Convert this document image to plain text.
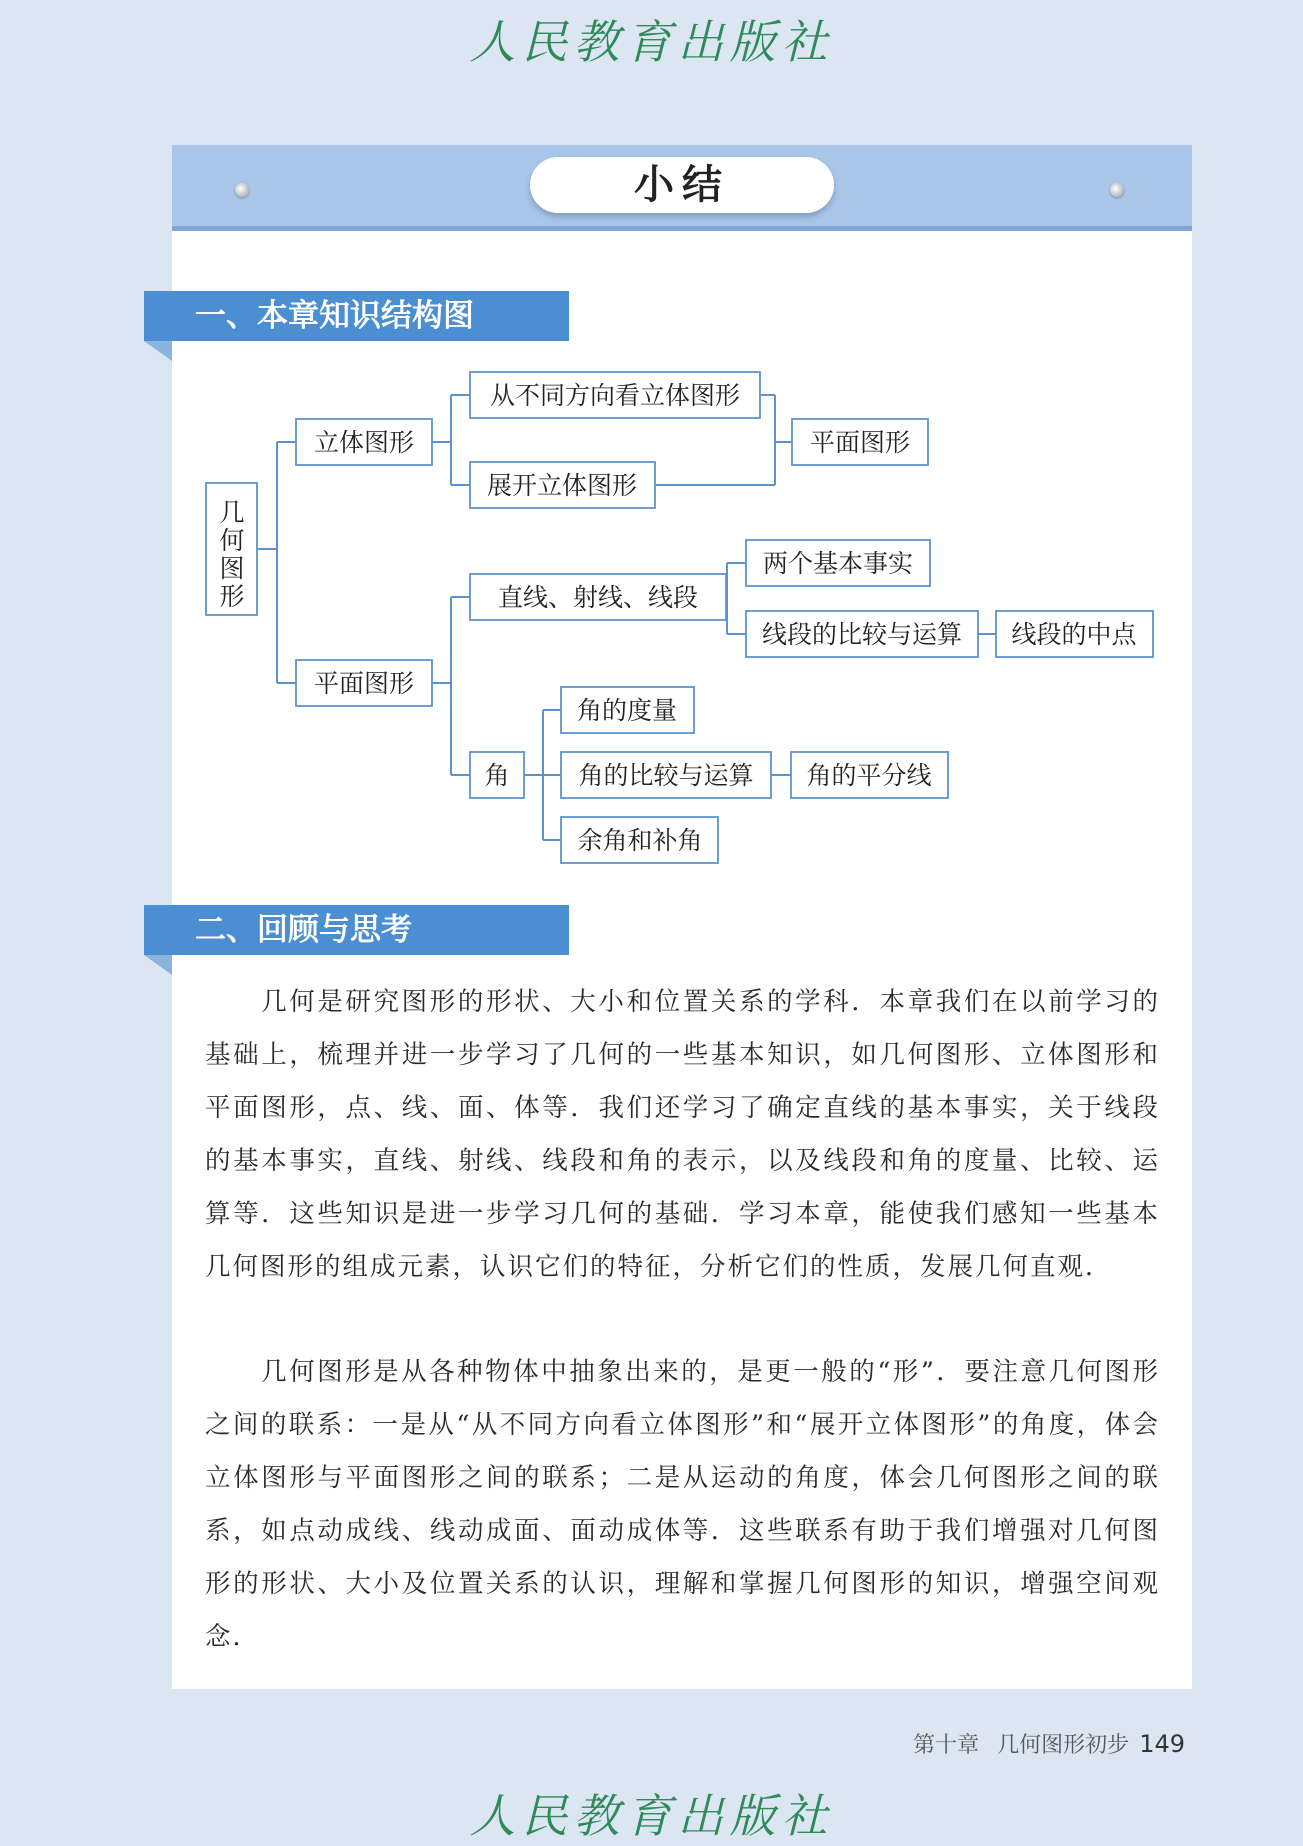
人民教育出版社
小结
一、本章知识结构图
几
何
图
形
立体图形
从不同方向看立体图形
展开立体图形
平面图形
平面图形
直线、射线、线段
两个基本事实
线段的比较与运算 线段的中点
角
角的度量
角的比较与运算 角的平分线
余角和补角
二、回顾与思考

几何是研究图形的形状、大小和位置关系的学科．本章我们在以前学习的基础上，梳理并进一步学习了几何的一些基本知识，如几何图形、立体图形和平面图形，点、线、面、体等．我们还学习了确定直线的基本事实，关于线段的基本事实，直线、射线、线段和角的表示，以及线段和角的度量、比较、运算等．这些知识是进一步学习几何的基础．学习本章，能使我们感知一些基本几何图形的组成元素，认识它们的特征，分析它们的性质，发展几何直观．

几何图形是从各种物体中抽象出来的，是更一般的“形”．要注意几何图形之间的联系：一是从“从不同方向看立体图形”和“展开立体图形”的角度，体会立体图形与平面图形之间的联系；二是从运动的角度，体会几何图形之间的联系，如点动成线、线动成面、面动成体等．这些联系有助于我们增强对几何图形的形状、大小及位置关系的认识，理解和掌握几何图形的知识，增强空间观念．

第十章 几何图形初步 149
人民教育出版社
